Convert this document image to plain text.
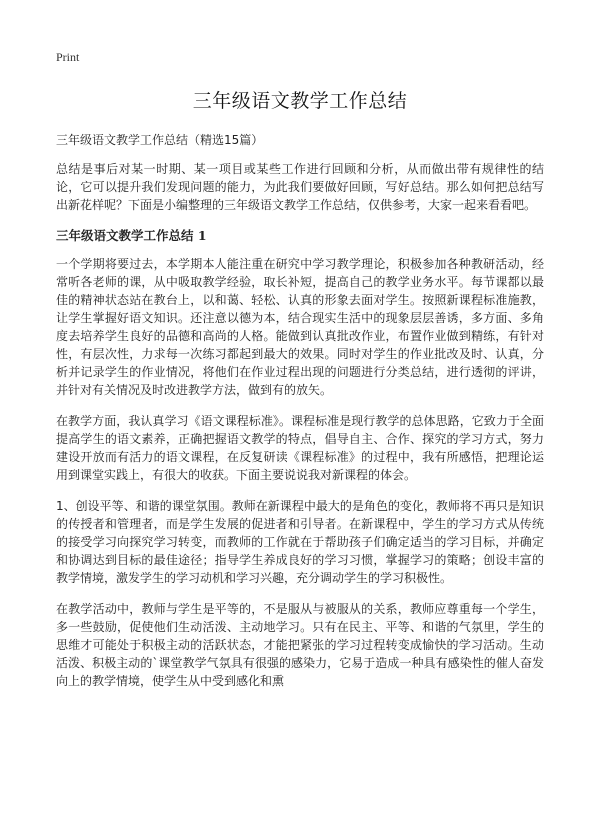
Print
三年级语文教学工作总结

三年级语文教学工作总结（精选15篇）

总结是事后对某一时期、某一项目或某些工作进行回顾和分析，从而做出带有规律性的结论，它可以提升我们发现问题的能力，为此我们要做好回顾，写好总结。那么如何把总结写出新花样呢？下面是小编整理的三年级语文教学工作总结，仅供参考，大家一起来看看吧。

三年级语文教学工作总结 1

一个学期将要过去，本学期本人能注重在研究中学习教学理论，积极参加各种教研活动，经常听各老师的课，从中吸取教学经验，取长补短，提高自己的教学业务水平。每节课都以最佳的精神状态站在教台上，以和蔼、轻松、认真的形象去面对学生。按照新课程标准施教，让学生掌握好语文知识。还注意以德为本，结合现实生活中的现象层层善诱，多方面、多角度去培养学生良好的品德和高尚的人格。能做到认真批改作业，布置作业做到精练，有针对性，有层次性，力求每一次练习都起到最大的效果。同时对学生的作业批改及时、认真，分析并记录学生的作业情况，将他们在作业过程出现的问题进行分类总结，进行透彻的评讲，并针对有关情况及时改进教学方法，做到有的放矢。

在教学方面，我认真学习《语文课程标准》。课程标准是现行教学的总体思路，它致力于全面提高学生的语文素养，正确把握语文教学的特点，倡导自主、合作、探究的学习方式，努力建设开放而有活力的语文课程，在反复研读《课程标准》的过程中，我有所感悟，把理论运用到课堂实践上，有很大的收获。下面主要说说我对新课程的体会。

1、创设平等、和谐的课堂氛围。教师在新课程中最大的是角色的变化，教师将不再只是知识的传授者和管理者，而是学生发展的促进者和引导者。在新课程中，学生的学习方式从传统的接受学习向探究学习转变，而教师的工作就在于帮助孩子们确定适当的学习目标，并确定和协调达到目标的最佳途径；指导学生养成良好的学习习惯，掌握学习的策略；创设丰富的教学情境，激发学生的学习动机和学习兴趣，充分调动学生的学习积极性。

在教学活动中，教师与学生是平等的，不是服从与被服从的关系，教师应尊重每一个学生，多一些鼓励，促使他们生动活泼、主动地学习。只有在民主、平等、和谐的气氛里，学生的思维才可能处于积极主动的活跃状态，才能把紧张的学习过程转变成愉快的学习活动。生动活泼、积极主动的`课堂教学气氛具有很强的感染力，它易于造成一种具有感染性的催人奋发向上的教学情境，使学生从中受到感化和熏
